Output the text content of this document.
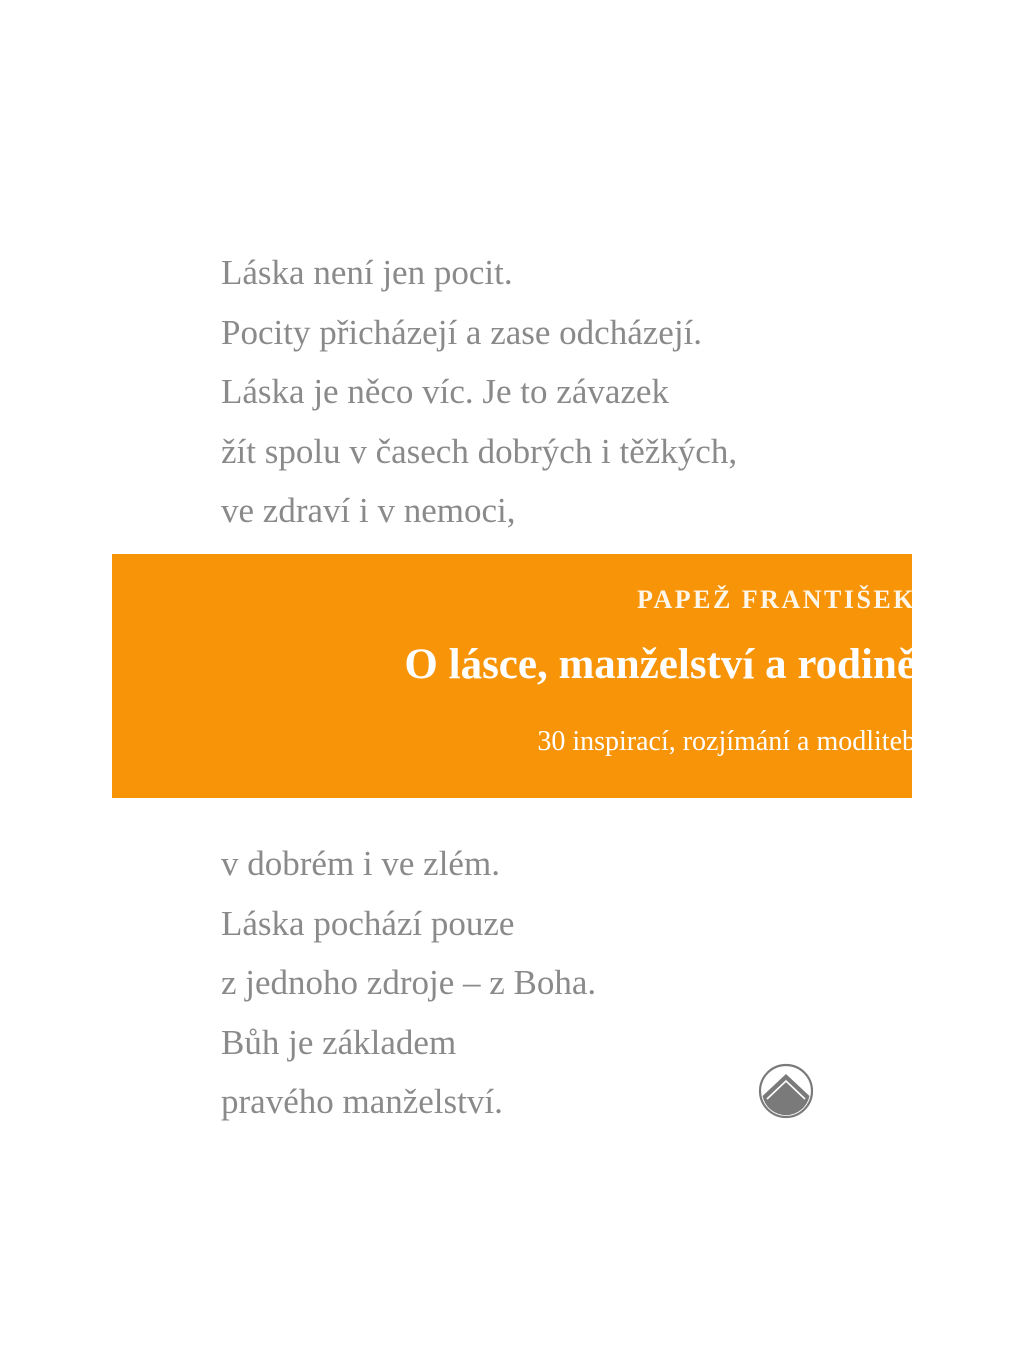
Láska není jen pocit.
Pocity přicházejí a zase odcházejí.
Láska je něco víc. Je to závazek
žít spolu v časech dobrých i těžkých,
ve zdraví i v nemoci,
PAPEŽ FRANTIŠEK
O lásce, manželství a rodině
30 inspirací, rozjímání a modliteb
v dobrém i ve zlém.
Láska pochází pouze
z jednoho zdroje – z Boha.
Bůh je základem
pravého manželství.
